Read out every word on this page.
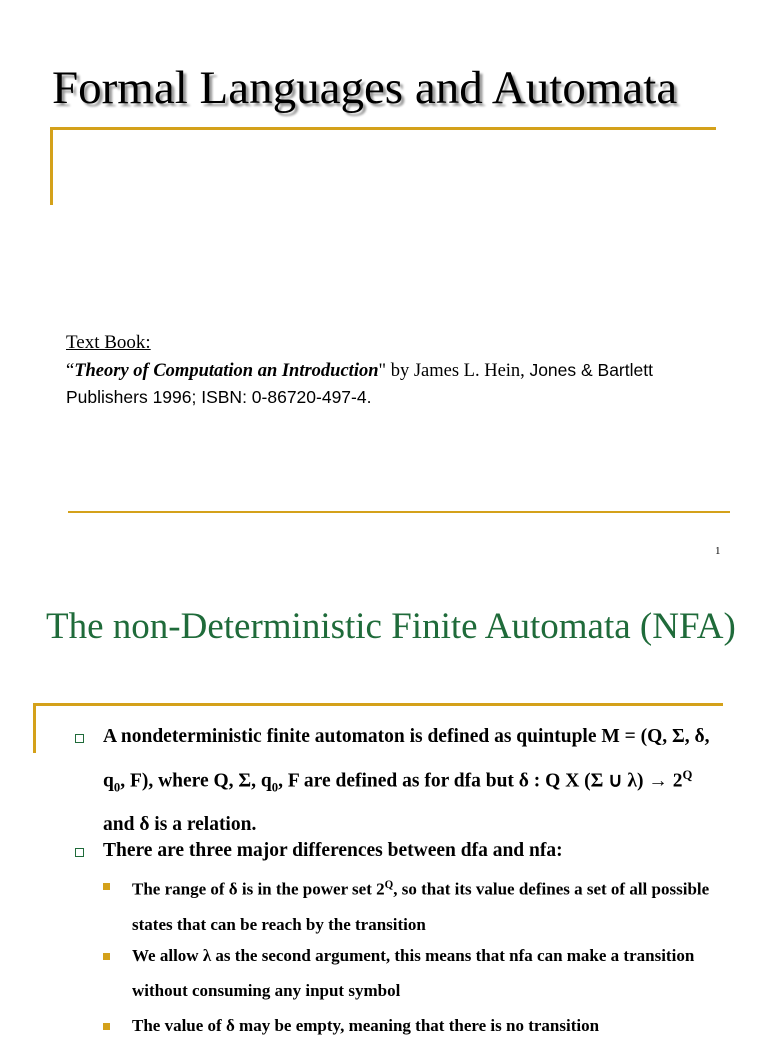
Formal Languages and Automata
Text Book:
“Theory of Computation an Introduction" by James L. Hein, Jones & Bartlett
Publishers 1996; ISBN: 0-86720-497-4.
1
The non-Deterministic Finite Automata (NFA)
A nondeterministic finite automaton is defined as quintuple M = (Q, Σ, δ, $q_0$, F), where Q, Σ, $q_0$, F are defined as for dfa but δ : Q X (Σ ∪ $\lambda) \to 2^Q$ and δ is a relation.
There are three major differences between dfa and nfa:
The range of δ is in the power set $2^Q$, so that its value defines a set of all possible states that can be reach by the transition
We allow λ as the second argument, this means that nfa can make a transition without consuming any input symbol
The value of δ may be empty, meaning that there is no transition
